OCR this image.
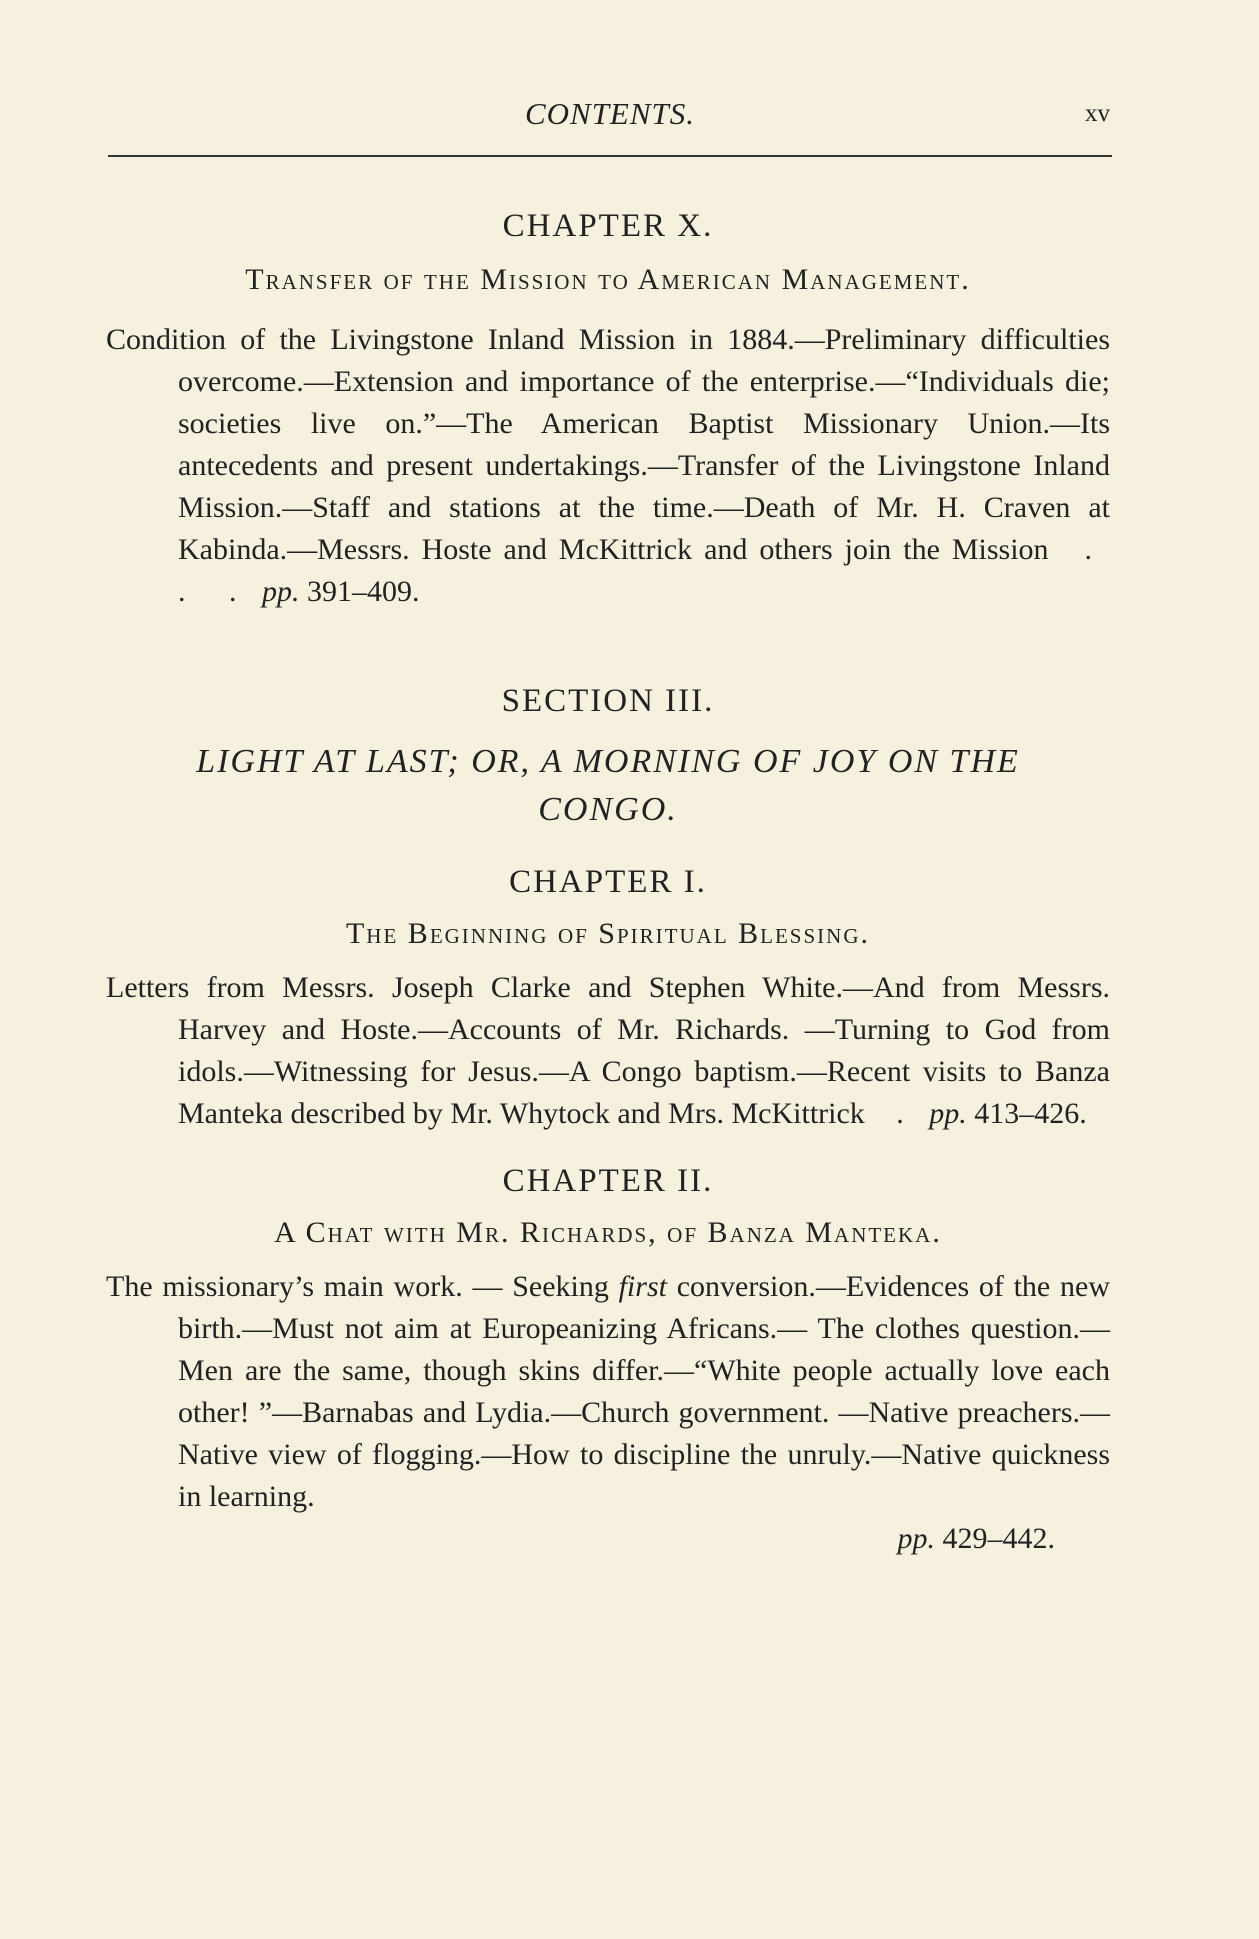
CONTENTS.	xv

CHAPTER X.

Transfer of the Mission to American Management.

Condition of the Livingstone Inland Mission in 1884.—Preliminary difficulties overcome.—Extension and importance of the enterprise.—“Individuals die; societies live on.”—The American Baptist Missionary Union.—Its antecedents and present undertakings.—Transfer of the Livingstone Inland Mission.—Staff and stations at the time.—Death of Mr. H. Craven at Kabinda.—Messrs. Hoste and McKittrick and others join the Mission . . . pp. 391–409.

SECTION III.

LIGHT AT LAST; OR, A MORNING OF JOY ON THE CONGO.

CHAPTER I.

The Beginning of Spiritual Blessing.

Letters from Messrs. Joseph Clarke and Stephen White.—And from Messrs. Harvey and Hoste.—Accounts of Mr. Richards. —Turning to God from idols.—Witnessing for Jesus.—A Congo baptism.—Recent visits to Banza Manteka described by Mr. Whytock and Mrs. McKittrick . pp. 413–426.

CHAPTER II.

A Chat with Mr. Richards, of Banza Manteka.

The missionary’s main work. — Seeking first conversion.—Evidences of the new birth.—Must not aim at Europeanizing Africans.— The clothes question.—Men are the same, though skins differ.—“White people actually love each other! ”—Barnabas and Lydia.—Church government. —Native preachers.—Native view of flogging.—How to discipline the unruly.—Native quickness in learning.

pp. 429–442.
